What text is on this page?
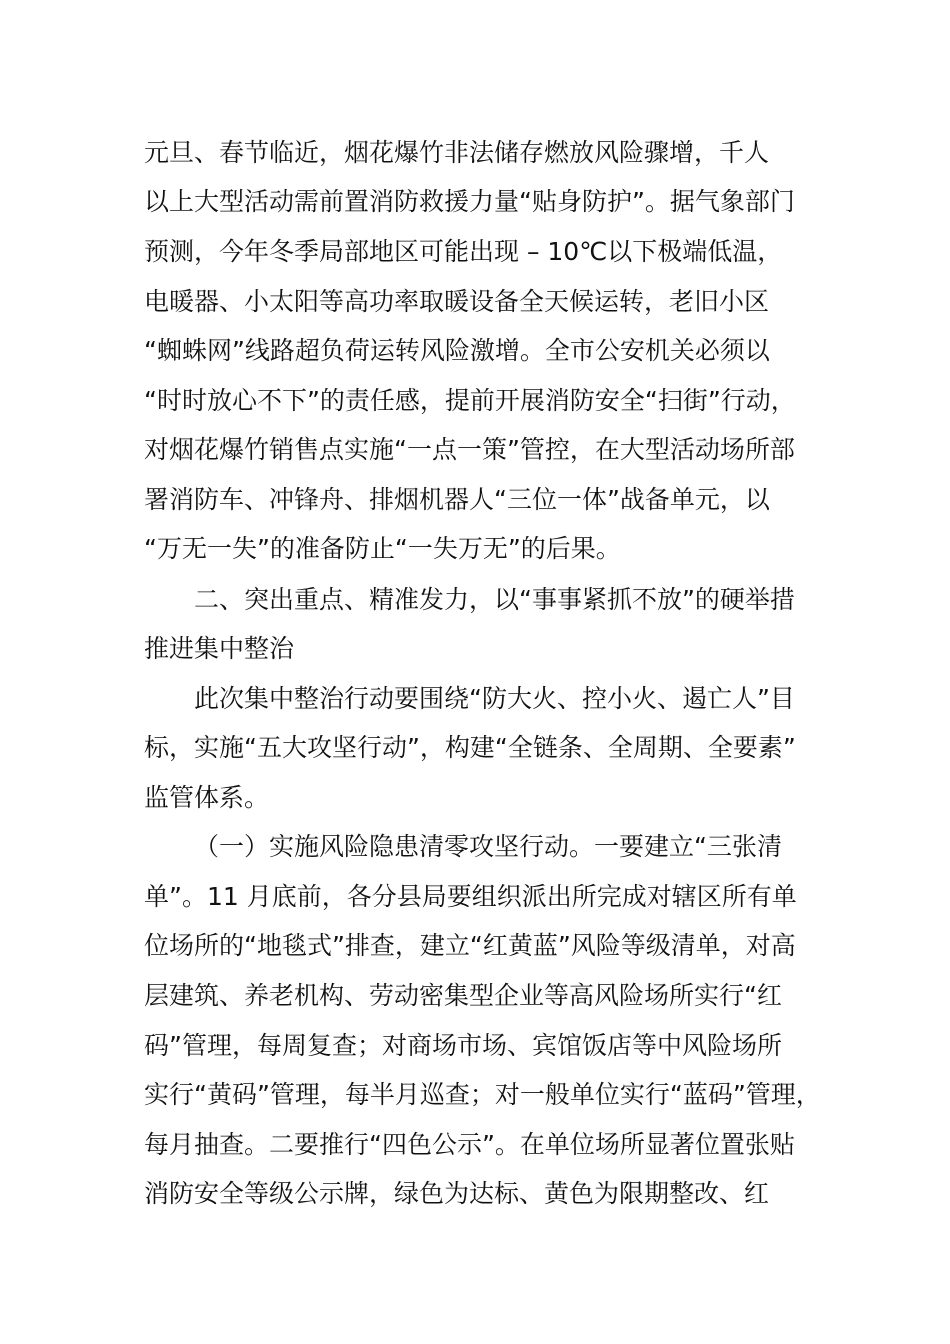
元旦、春节临近，烟花爆竹非法储存燃放风险骤增，千人
以上大型活动需前置消防救援力量“贴身防护”。据气象部门
预测，今年冬季局部地区可能出现 – 10℃以下极端低温，
电暖器、小太阳等高功率取暖设备全天候运转，老旧小区
“蜘蛛网”线路超负荷运转风险激增。全市公安机关必须以
“时时放心不下”的责任感，提前开展消防安全“扫街”行动，
对烟花爆竹销售点实施“一点一策”管控，在大型活动场所部
署消防车、冲锋舟、排烟机器人“三位一体”战备单元，以
“万无一失”的准备防止“一失万无”的后果。
二、突出重点、精准发力，以“事事紧抓不放”的硬举措
推进集中整治
此次集中整治行动要围绕“防大火、控小火、遏亡人”目
标，实施“五大攻坚行动”，构建“全链条、全周期、全要素”
监管体系。
（一）实施风险隐患清零攻坚行动。一要建立“三张清
单”。11 月底前，各分县局要组织派出所完成对辖区所有单
位场所的“地毯式”排查，建立“红黄蓝”风险等级清单，对高
层建筑、养老机构、劳动密集型企业等高风险场所实行“红
码”管理，每周复查；对商场市场、宾馆饭店等中风险场所
实行“黄码”管理，每半月巡查；对一般单位实行“蓝码”管理，
每月抽查。二要推行“四色公示”。在单位场所显著位置张贴
消防安全等级公示牌，绿色为达标、黄色为限期整改、红
